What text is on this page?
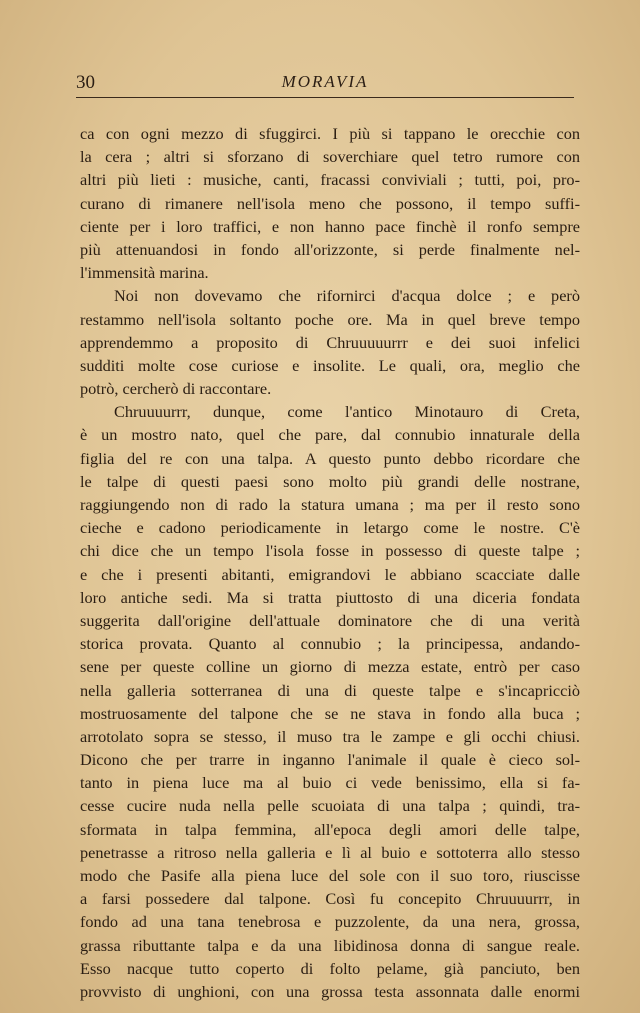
30	MORAVIA
ca con ogni mezzo di sfuggirci. I più si tappano le orecchie con
la cera ; altri si sforzano di soverchiare quel tetro rumore con
altri più lieti : musiche, canti, fracassi conviviali ; tutti, poi, pro-
curano di rimanere nell'isola meno che possono, il tempo suffi-
ciente per i loro traffici, e non hanno pace finchè il ronfo sempre
più attenuandosi in fondo all'orizzonte, si perde finalmente nel-
l'immensità marina.
Noi non dovevamo che rifornirci d'acqua dolce ; e però
restammo nell'isola soltanto poche ore. Ma in quel breve tempo
apprendemmo a proposito di Chruuuuurrr e dei suoi infelici
sudditi molte cose curiose e insolite. Le quali, ora, meglio che
potrò, cercherò di raccontare.
Chruuuurrr, dunque, come l'antico Minotauro di Creta,
è un mostro nato, quel che pare, dal connubio innaturale della
figlia del re con una talpa. A questo punto debbo ricordare che
le talpe di questi paesi sono molto più grandi delle nostrane,
raggiungendo non di rado la statura umana ; ma per il resto sono
cieche e cadono periodicamente in letargo come le nostre. C'è
chi dice che un tempo l'isola fosse in possesso di queste talpe ;
e che i presenti abitanti, emigrandovi le abbiano scacciate dalle
loro antiche sedi. Ma si tratta piuttosto di una diceria fondata
suggerita dall'origine dell'attuale dominatore che di una verità
storica provata. Quanto al connubio ; la principessa, andando-
sene per queste colline un giorno di mezza estate, entrò per caso
nella galleria sotterranea di una di queste talpe e s'incapricciò
mostruosamente del talpone che se ne stava in fondo alla buca ;
arrotolato sopra se stesso, il muso tra le zampe e gli occhi chiusi.
Dicono che per trarre in inganno l'animale il quale è cieco sol-
tanto in piena luce ma al buio ci vede benissimo, ella si fa-
cesse cucire nuda nella pelle scuoiata di una talpa ; quindi, tra-
sformata in talpa femmina, all'epoca degli amori delle talpe,
penetrasse a ritroso nella galleria e lì al buio e sottoterra allo stesso
modo che Pasife alla piena luce del sole con il suo toro, riuscisse
a farsi possedere dal talpone. Così fu concepito Chruuuurrr, in
fondo ad una tana tenebrosa e puzzolente, da una nera, grossa,
grassa ributtante talpa e da una libidinosa donna di sangue reale.
Esso nacque tutto coperto di folto pelame, già panciuto, ben
provvisto di unghioni, con una grossa testa assonnata dalle enormi
